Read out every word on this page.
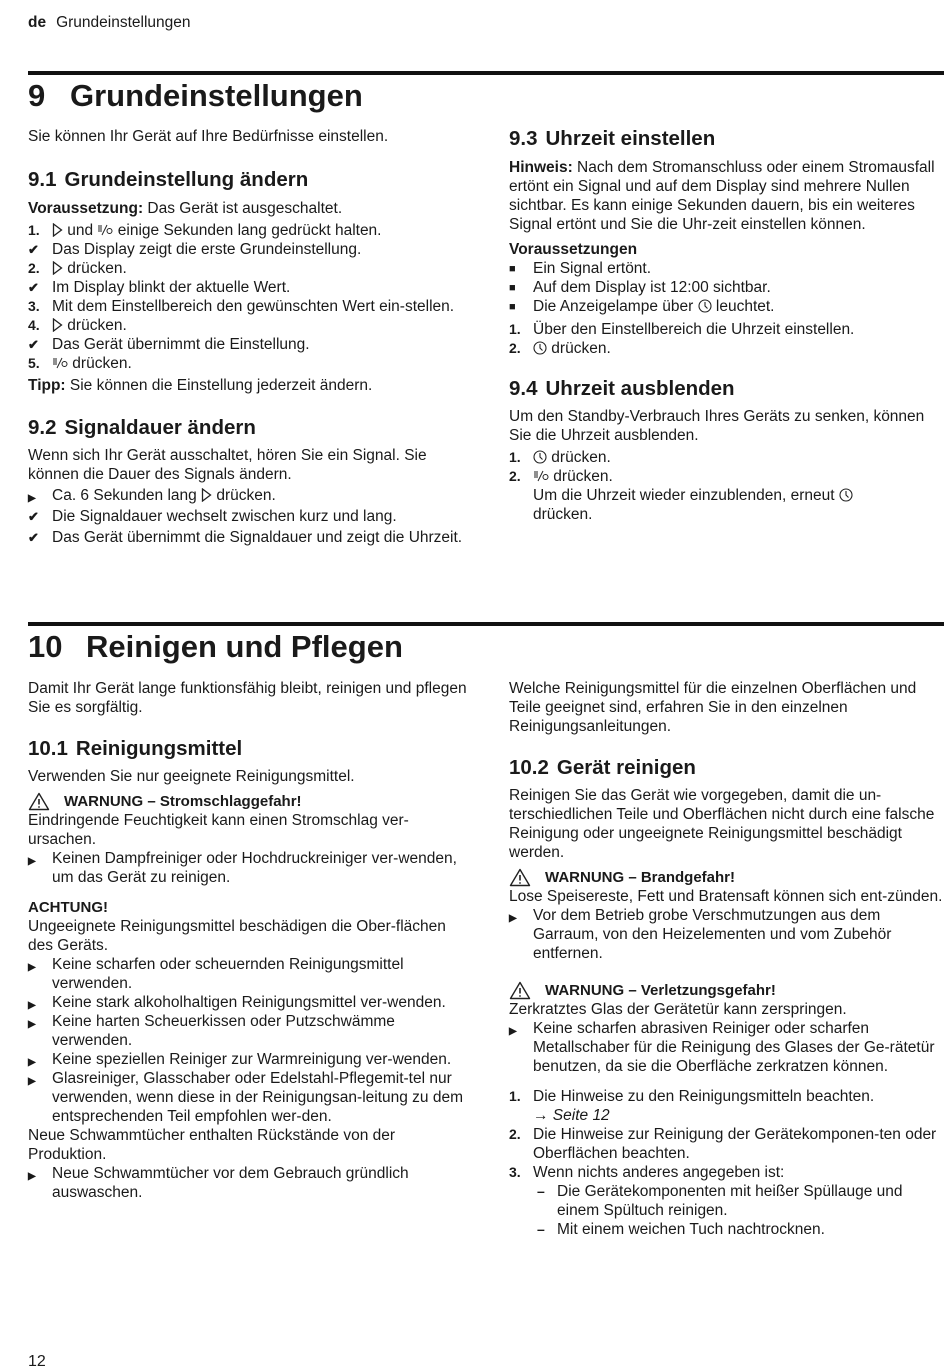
de Grundeinstellungen
9 Grundeinstellungen

Sie können Ihr Gerät auf Ihre Bedürfnisse einstellen.

9.1 Grundeinstellung ändern

Voraussetzung: Das Gerät ist ausgeschaltet.

1. und  einige Sekunden lang gedrückt halten.
✔ Das Display zeigt die erste Grundeinstellung.
2. drücken.
✔ Im Display blinkt der aktuelle Wert.
3. Mit dem Einstellbereich den gewünschten Wert ein-stellen.
4. drücken.
✔ Das Gerät übernimmt die Einstellung.
5. drücken.

Tipp: Sie können die Einstellung jederzeit ändern.

9.2 Signaldauer ändern

Wenn sich Ihr Gerät ausschaltet, hören Sie ein Signal. Sie können die Dauer des Signals ändern.

▶ Ca. 6 Sekunden lang  drücken.
✔ Die Signaldauer wechselt zwischen kurz und lang.
✔ Das Gerät übernimmt die Signaldauer und zeigt die Uhrzeit.
9.3 Uhrzeit einstellen

Hinweis: Nach dem Stromanschluss oder einem Stromausfall ertönt ein Signal und auf dem Display sind mehrere Nullen sichtbar. Es kann einige Sekunden dauern, bis ein weiteres Signal ertönt und Sie die Uhr-zeit einstellen können.

Voraussetzungen

■ Ein Signal ertönt.
■ Auf dem Display ist 12:00 sichtbar.
■ Die Anzeigelampe über  leuchtet.
1. Über den Einstellbereich die Uhrzeit einstellen.
2. drücken.
9.4 Uhrzeit ausblenden

Um den Standby-Verbrauch Ihres Geräts zu senken, können Sie die Uhrzeit ausblenden.

1. drücken.
2. drücken.
Um die Uhrzeit wieder einzublenden, erneut
drücken.
10 Reinigen und Pflegen

Damit Ihr Gerät lange funktionsfähig bleibt, reinigen und pflegen Sie es sorgfältig.

10.1 Reinigungsmittel

Verwenden Sie nur geeignete Reinigungsmittel.

WARNUNG – Stromschlaggefahr!

Eindringende Feuchtigkeit kann einen Stromschlag ver-ursachen.

▶ Keinen Dampfreiniger oder Hochdruckreiniger ver-wenden, um das Gerät zu reinigen.

ACHTUNG!

Ungeeignete Reinigungsmittel beschädigen die Ober-flächen des Geräts.

▶ Keine scharfen oder scheuernden Reinigungsmittel verwenden.
▶ Keine stark alkoholhaltigen Reinigungsmittel ver-wenden.
▶ Keine harten Scheuerkissen oder Putzschwämme verwenden.
▶ Keine speziellen Reiniger zur Warmreinigung ver-wenden.
▶ Glasreiniger, Glasschaber oder Edelstahl-Pflegemit-tel nur verwenden, wenn diese in der Reinigungsan-leitung zu dem entsprechenden Teil empfohlen wer-den.

Neue Schwammtücher enthalten Rückstände von der Produktion.

▶ Neue Schwammtücher vor dem Gebrauch gründlich auswaschen.

Welche Reinigungsmittel für die einzelnen Oberflächen und Teile geeignet sind, erfahren Sie in den einzelnen Reinigungsanleitungen.

10.2 Gerät reinigen

Reinigen Sie das Gerät wie vorgegeben, damit die un-terschiedlichen Teile und Oberflächen nicht durch eine falsche Reinigung oder ungeeignete Reinigungsmittel beschädigt werden.

WARNUNG – Brandgefahr!

Lose Speisereste, Fett und Bratensaft können sich ent-zünden.

▶ Vor dem Betrieb grobe Verschmutzungen aus dem Garraum, von den Heizelementen und vom Zubehör entfernen.
WARNUNG – Verletzungsgefahr!

Zerkratztes Glas der Gerätetür kann zerspringen.

▶ Keine scharfen abrasiven Reiniger oder scharfen Metallschaber für die Reinigung des Glases der Ge-rätetür benutzen, da sie die Oberfläche zerkratzen können.
1. Die Hinweise zu den Reinigungsmitteln beachten.
→ Seite 12
2. Die Hinweise zur Reinigung der Gerätekomponen-ten oder Oberflächen beachten.
3. Wenn nichts anderes angegeben ist:
– Die Gerätekomponenten mit heißer Spüllauge und einem Spültuch reinigen.
– Mit einem weichen Tuch nachtrocknen.
12
